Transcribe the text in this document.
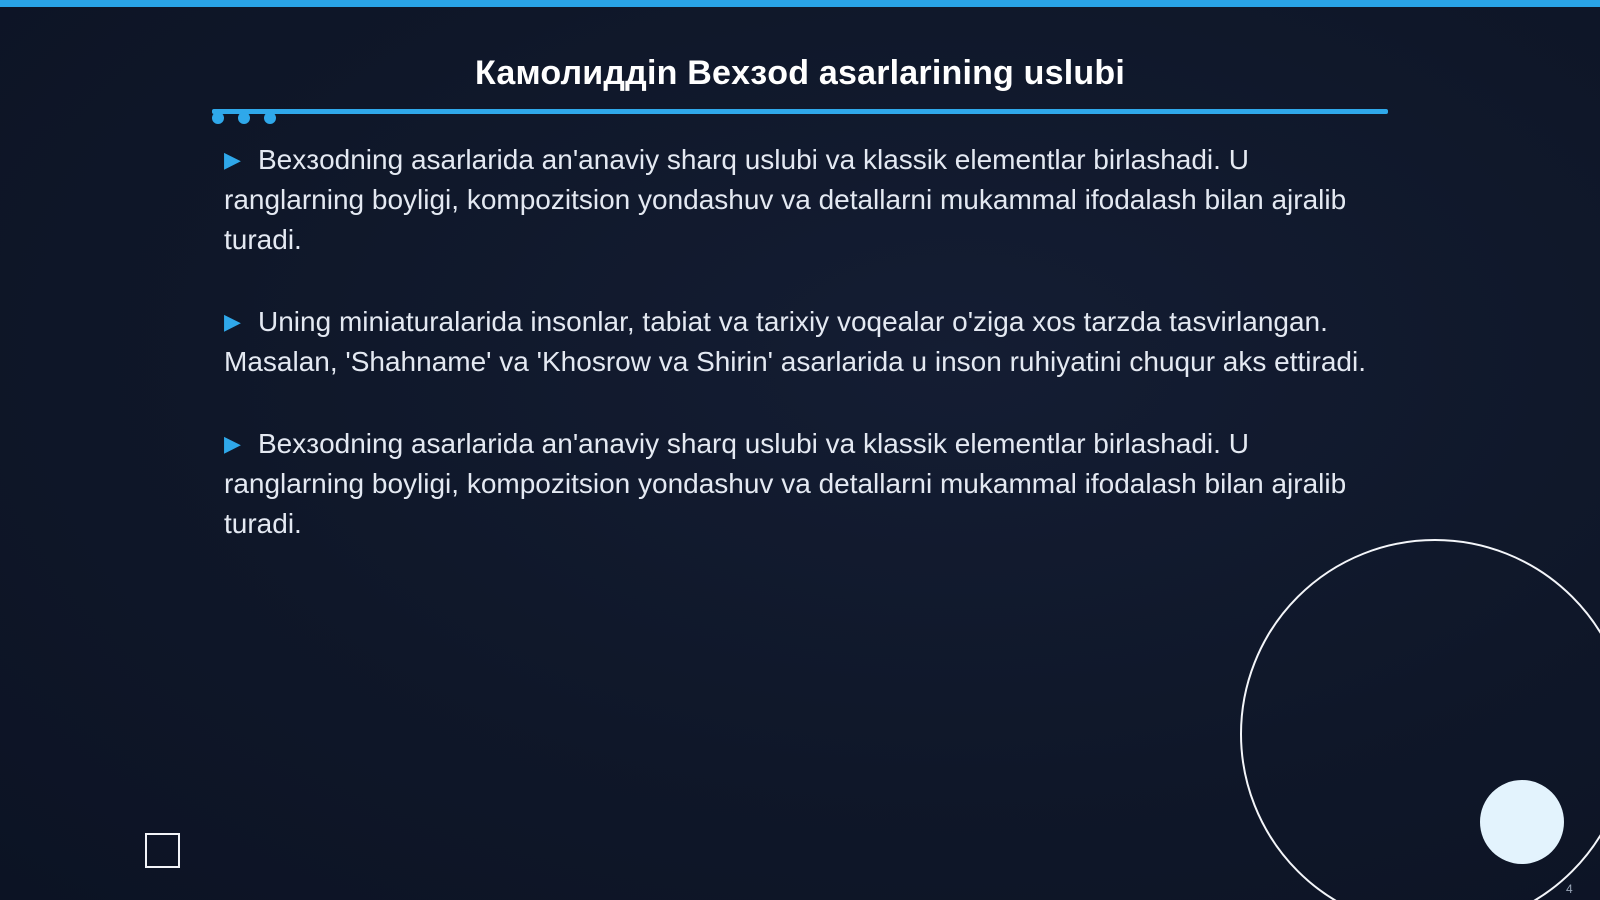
Камолиддin Bexзod asarlarining uslubi
▶ Bexзodning asarlarida an'anaviy sharq uslubi va klassik elementlar birlashadi. U ranglarning boyligi, kompozitsion yondashuv va detallarni mukammal ifodalash bilan ajralib turadi.
▶ Uning miniaturalarida insonlar, tabiat va tarixiy voqealar o'ziga xos tarzda tasvirlangan. Masalan, 'Shahname' va 'Khosrow va Shirin' asarlarida u inson ruhiyatini chuqur aks ettiradi.
▶ Bexзodning asarlarida an'anaviy sharq uslubi va klassik elementlar birlashadi. U ranglarning boyligi, kompozitsion yondashuv va detallarni mukammal ifodalash bilan ajralib turadi.
4
